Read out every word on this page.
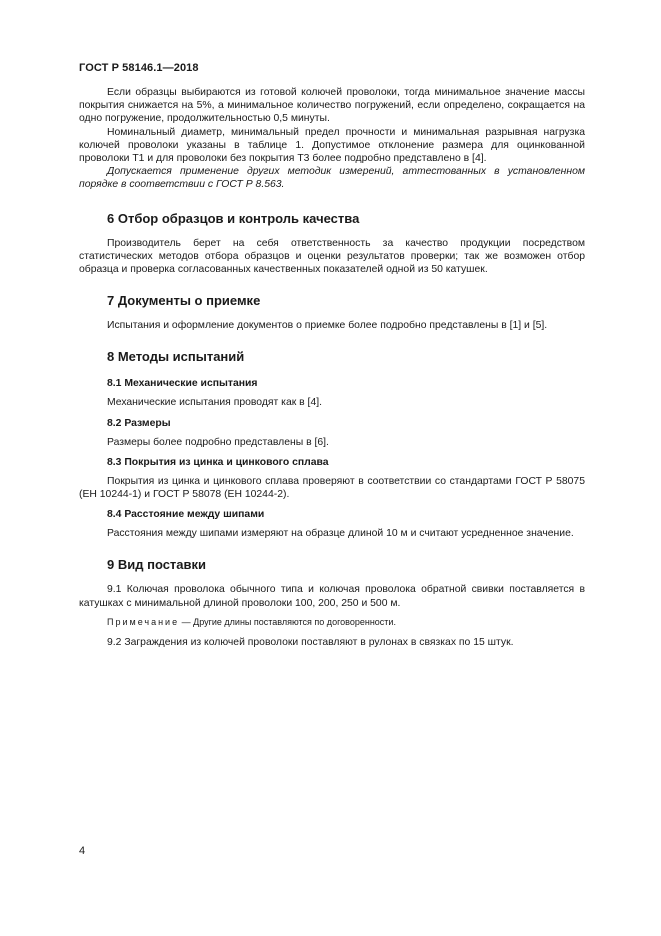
ГОСТ Р 58146.1—2018

Если образцы выбираются из готовой колючей проволоки, тогда минимальное значение массы покрытия снижается на 5%, а минимальное количество погружений, если определено, сокращается на одно погружение, продолжительностью 0,5 минуты.

Номинальный диаметр, минимальный предел прочности и минимальная разрывная нагрузка колючей проволоки указаны в таблице 1. Допустимое отклонение размера для оцинкованной проволоки Т1 и для проволоки без покрытия Т3 более подробно представлено в [4].

Допускается применение других методик измерений, аттестованных в установленном порядке в соответствии с ГОСТ Р 8.563.

6 Отбор образцов и контроль качества

Производитель берет на себя ответственность за качество продукции посредством статистических методов отбора образцов и оценки результатов проверки; так же возможен отбор образца и проверка согласованных качественных показателей одной из 50 катушек.

7 Документы о приемке

Испытания и оформление документов о приемке более подробно представлены в [1] и [5].

8 Методы испытаний
8.1 Механические испытания

Механические испытания проводят как в [4].

8.2 Размеры

Размеры более подробно представлены в [6].

8.3 Покрытия из цинка и цинкового сплава

Покрытия из цинка и цинкового сплава проверяют в соответствии со стандартами ГОСТ Р 58075 (ЕН 10244-1) и ГОСТ Р 58078 (ЕН 10244-2).

8.4 Расстояние между шипами

Расстояния между шипами измеряют на образце длиной 10 м и считают усредненное значение.

9 Вид поставки

9.1 Колючая проволока обычного типа и колючая проволока обратной свивки поставляется в катушках с минимальной длиной проволоки 100, 200, 250 и 500 м.

Примечание — Другие длины поставляются по договоренности.

9.2 Заграждения из колючей проволоки поставляют в рулонах в связках по 15 штук.

4
